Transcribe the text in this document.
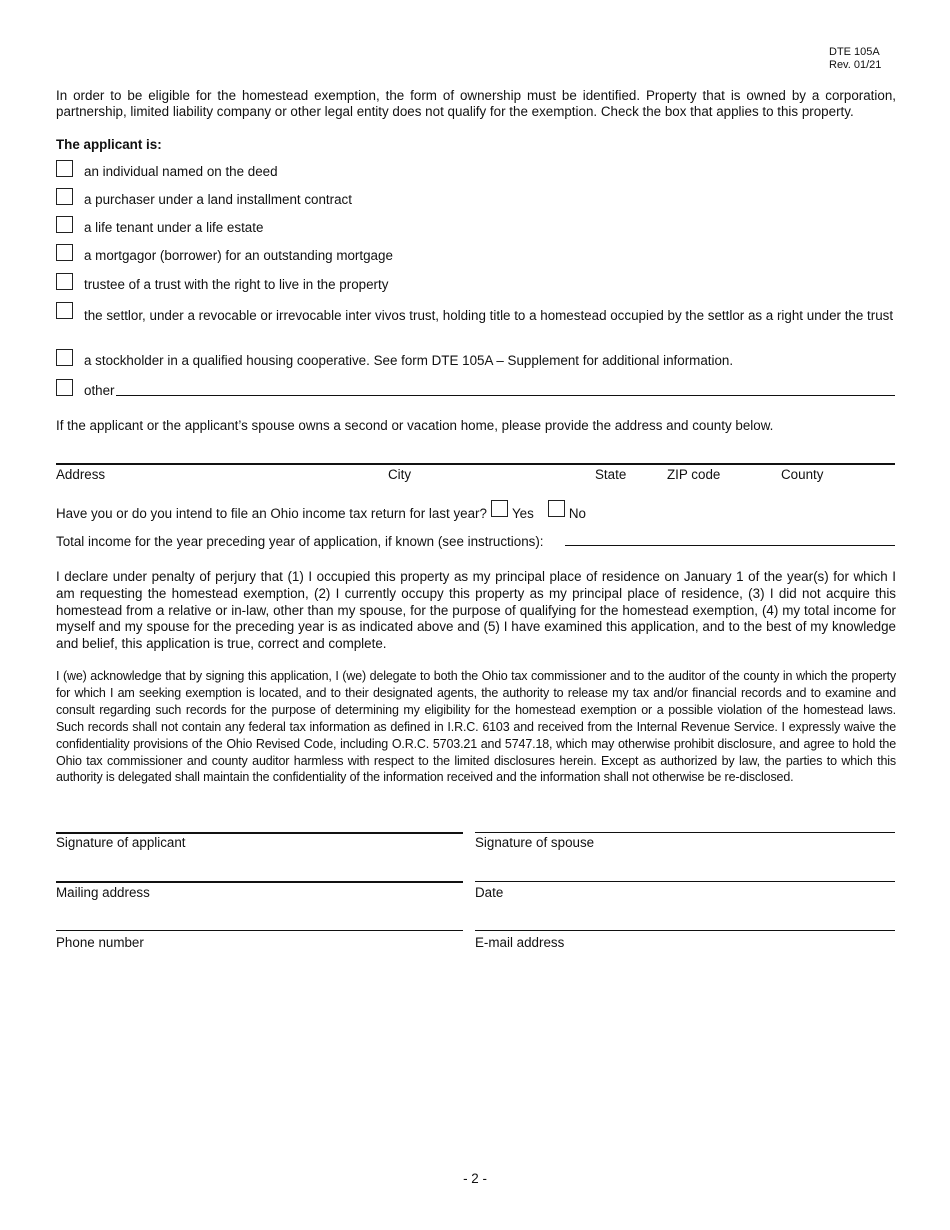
DTE 105A
Rev. 01/21
In order to be eligible for the homestead exemption, the form of ownership must be identified. Property that is owned by a corporation, partnership, limited liability company or other legal entity does not qualify for the exemption. Check the box that applies to this property.
The applicant is:
an individual named on the deed
a purchaser under a land installment contract
a life tenant under a life estate
a mortgagor (borrower) for an outstanding mortgage
trustee of a trust with the right to live in the property
the settlor, under a revocable or irrevocable inter vivos trust, holding title to a homestead occupied by the settlor as a right under the trust
a stockholder in a qualified housing cooperative. See form DTE 105A – Supplement for additional information.
other
If the applicant or the applicant’s spouse owns a second or vacation home, please provide the address and county below.
Address	City	State	ZIP code	County
Have you or do you intend to file an Ohio income tax return for last year? Yes	No
Total income for the year preceding year of application, if known (see instructions):
I declare under penalty of perjury that (1) I occupied this property as my principal place of residence on January 1 of the year(s) for which I am requesting the homestead exemption, (2) I currently occupy this property as my principal place of residence, (3) I did not acquire this homestead from a relative or in-law, other than my spouse, for the purpose of qualifying for the homestead exemption, (4) my total income for myself and my spouse for the preceding year is as indicated above and (5) I have examined this application, and to the best of my knowledge and belief, this application is true, correct and complete.
I (we) acknowledge that by signing this application, I (we) delegate to both the Ohio tax commissioner and to the auditor of the county in which the property for which I am seeking exemption is located, and to their designated agents, the authority to release my tax and/or financial records and to examine and consult regarding such records for the purpose of determining my eligibility for the homestead exemption or a possible violation of the homestead laws. Such records shall not contain any federal tax information as defined in I.R.C. 6103 and received from the Internal Revenue Service. I expressly waive the confidentiality provisions of the Ohio Revised Code, including O.R.C. 5703.21 and 5747.18, which may otherwise prohibit disclosure, and agree to hold the Ohio tax commissioner and county auditor harmless with respect to the limited disclosures herein. Except as authorized by law, the parties to which this authority is delegated shall maintain the confidentiality of the information received and the information shall not otherwise be re-disclosed.
Signature of applicant	Signature of spouse
Mailing address	Date
Phone number	E-mail address
- 2 -
